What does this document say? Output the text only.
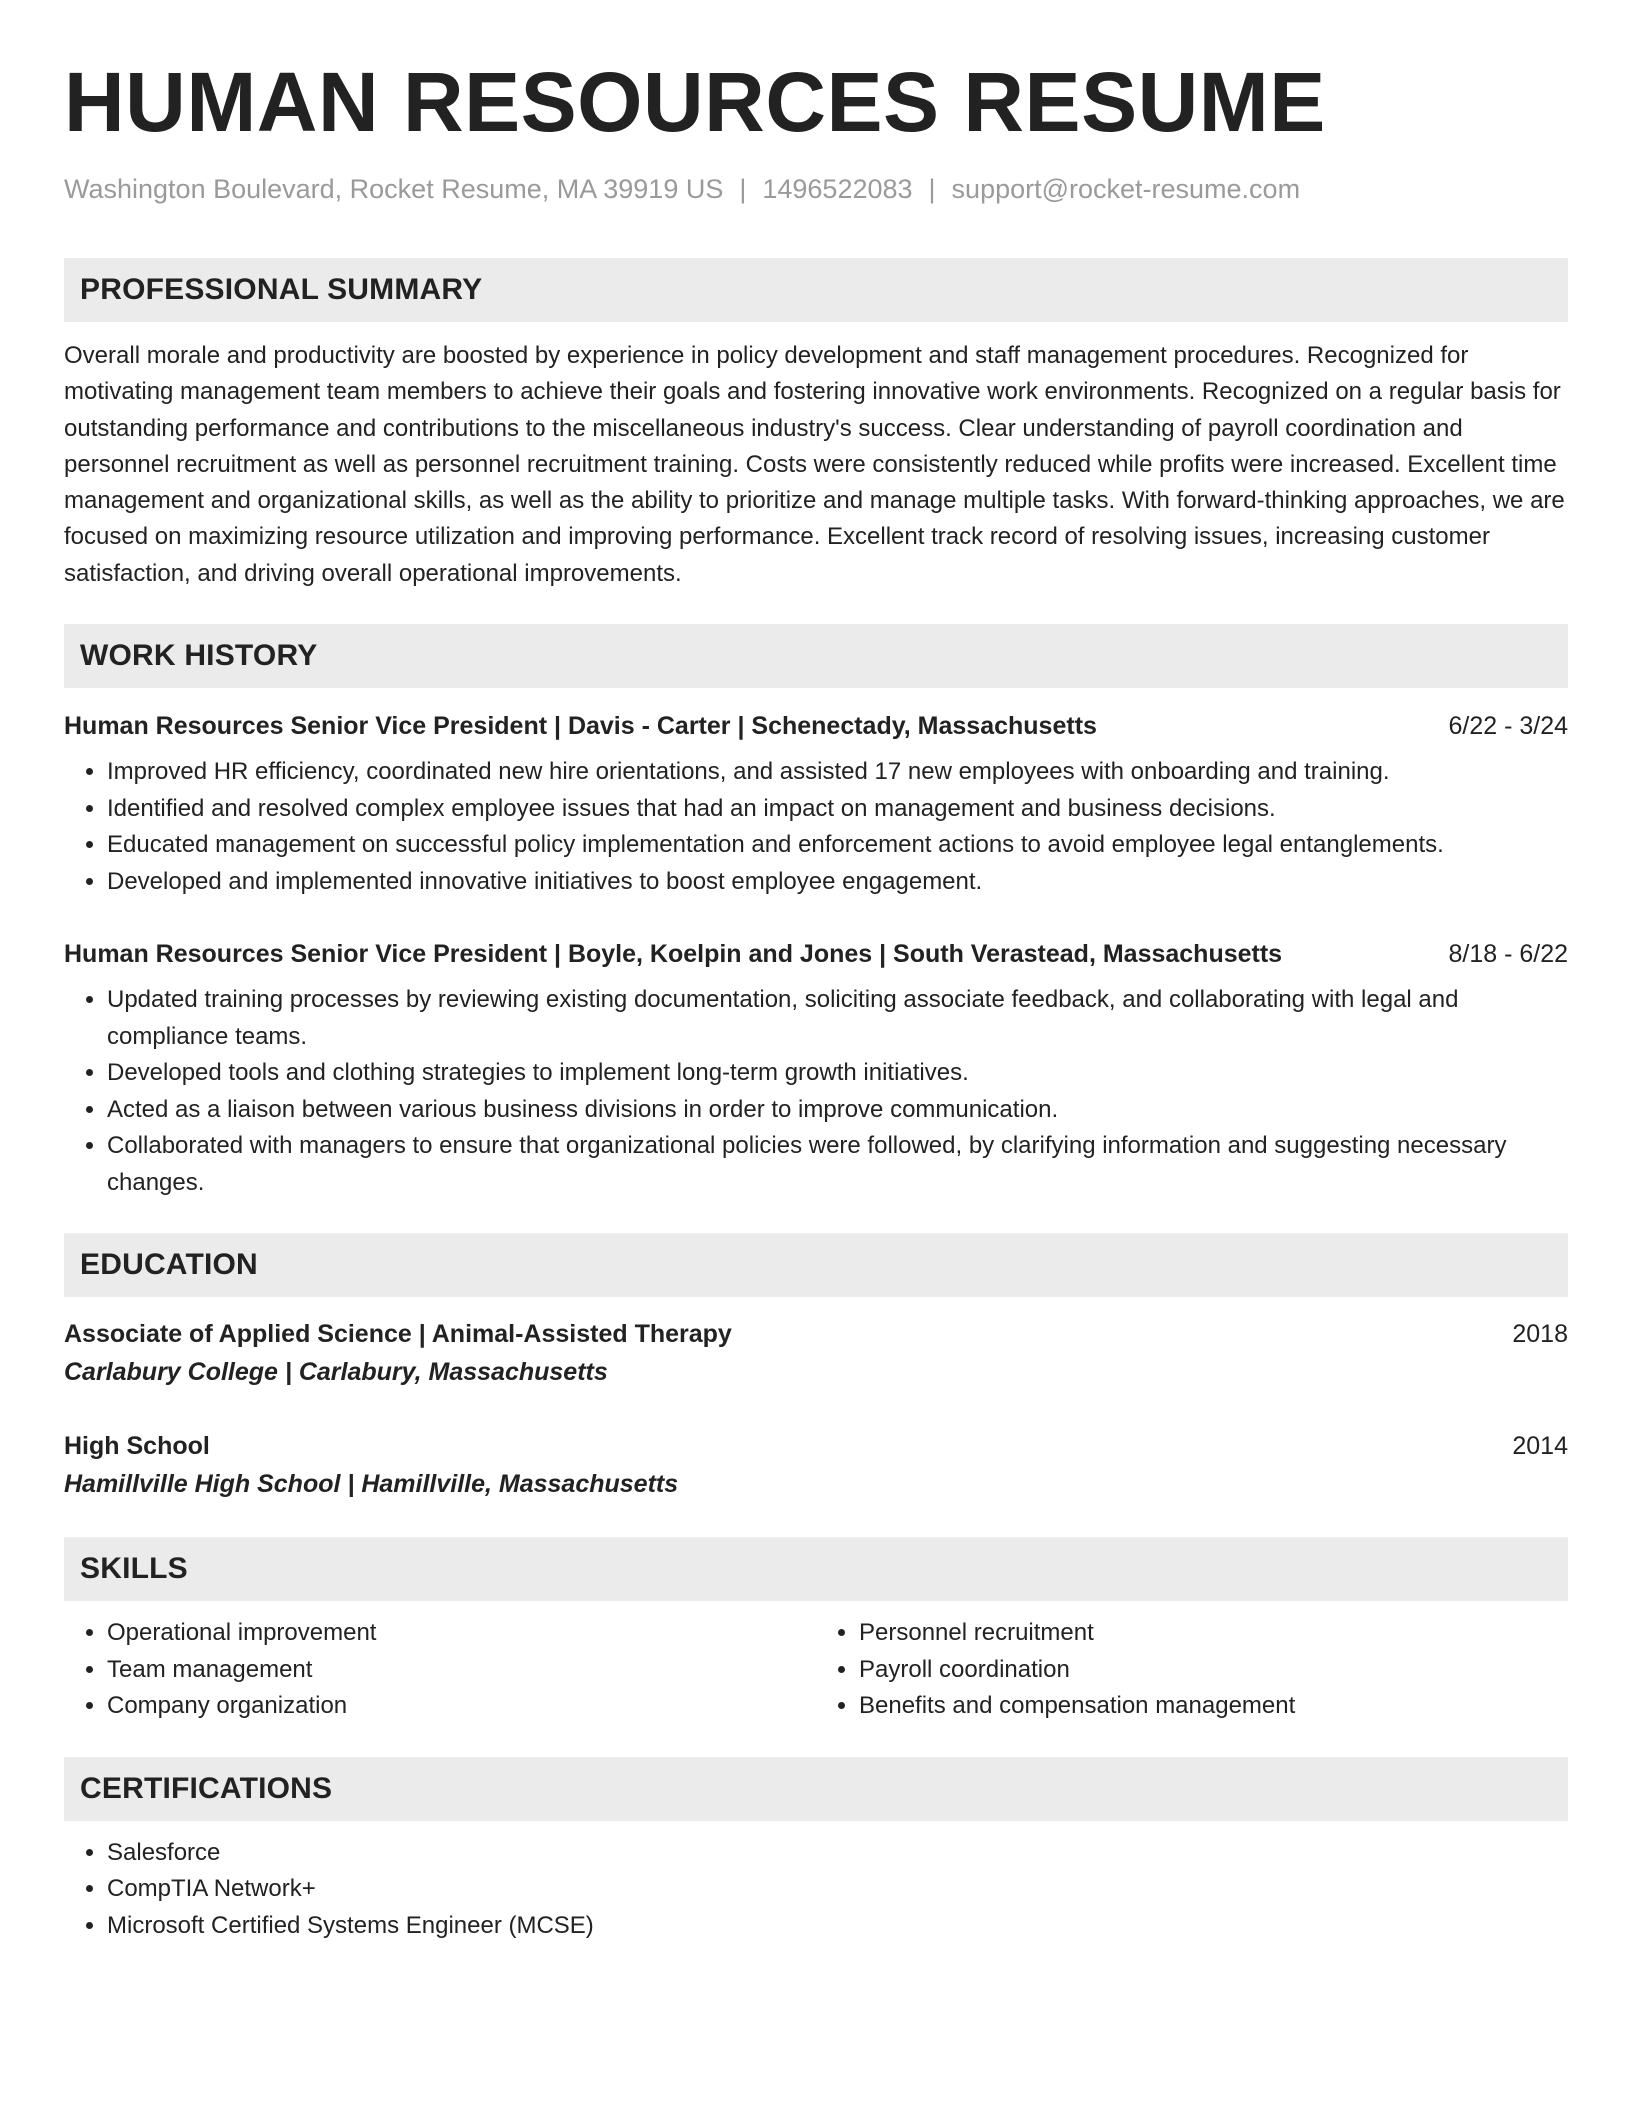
HUMAN RESOURCES RESUME
Washington Boulevard, Rocket Resume, MA 39919 US | 1496522083 | support@rocket-resume.com
PROFESSIONAL SUMMARY
Overall morale and productivity are boosted by experience in policy development and staff management procedures. Recognized for motivating management team members to achieve their goals and fostering innovative work environments. Recognized on a regular basis for outstanding performance and contributions to the miscellaneous industry's success. Clear understanding of payroll coordination and personnel recruitment as well as personnel recruitment training. Costs were consistently reduced while profits were increased. Excellent time management and organizational skills, as well as the ability to prioritize and manage multiple tasks. With forward-thinking approaches, we are focused on maximizing resource utilization and improving performance. Excellent track record of resolving issues, increasing customer satisfaction, and driving overall operational improvements.
WORK HISTORY
Human Resources Senior Vice President | Davis - Carter | Schenectady, Massachusetts	6/22 - 3/24
• Improved HR efficiency, coordinated new hire orientations, and assisted 17 new employees with onboarding and training.
• Identified and resolved complex employee issues that had an impact on management and business decisions.
• Educated management on successful policy implementation and enforcement actions to avoid employee legal entanglements.
• Developed and implemented innovative initiatives to boost employee engagement.
Human Resources Senior Vice President | Boyle, Koelpin and Jones | South Verastead, Massachusetts	8/18 - 6/22
• Updated training processes by reviewing existing documentation, soliciting associate feedback, and collaborating with legal and compliance teams.
• Developed tools and clothing strategies to implement long-term growth initiatives.
• Acted as a liaison between various business divisions in order to improve communication.
• Collaborated with managers to ensure that organizational policies were followed, by clarifying information and suggesting necessary changes.
EDUCATION
Associate of Applied Science | Animal-Assisted Therapy	2018
Carlabury College | Carlabury, Massachusetts
High School	2014
Hamillville High School | Hamillville, Massachusetts
SKILLS
• Operational improvement
• Team management
• Company organization
• Personnel recruitment
• Payroll coordination
• Benefits and compensation management
CERTIFICATIONS
• Salesforce
• CompTIA Network+
• Microsoft Certified Systems Engineer (MCSE)
